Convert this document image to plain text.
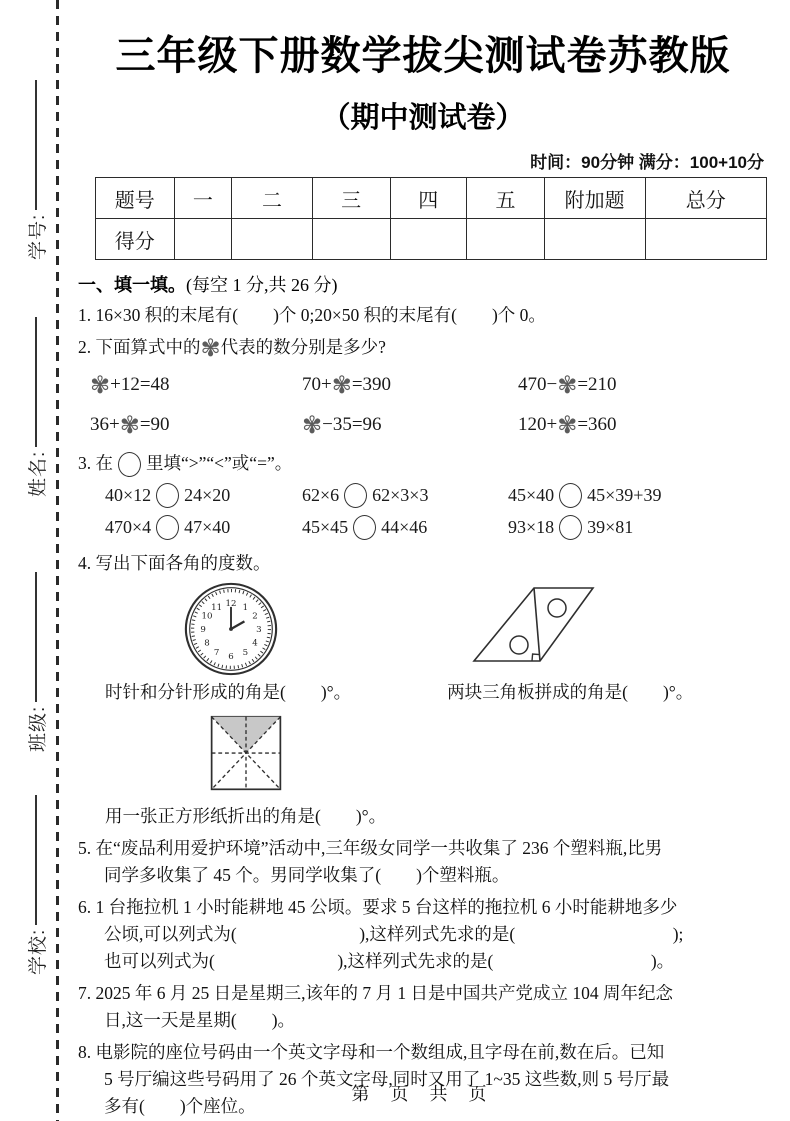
学号:
姓名:
班级:
学校:
三年级下册数学拔尖测试卷苏教版
（期中测试卷）
时间：90分钟 满分：100+10分
题号	一	二	三	四	五	附加题	总分
得分							
一、填一填。(每空 1 分,共 26 分)
1. 16×30 积的末尾有(　　)个 0;20×50 积的末尾有(　　)个 0。
2. 下面算式中的✾代表的数分别是多少?
✾+12=48	70+✾=390	470−✾=210
36+✾=90	✾−35=96	120+✾=360
3. 在 里填“>”“<”或“=”。
40×12 24×20	62×6 62×3×3	45×40 45×39+39
470×4 47×40	45×45 44×46	93×18 39×81
4. 写出下面各角的度数。
12 1
2
3
4
5
6
7
8
9
10
11
时针和分针形成的角是(　　)°。	两块三角板拼成的角是(　　)°。
用一张正方形纸折出的角是(　　)°。
5. 在“废品利用爱护环境”活动中,三年级女同学一共收集了 236 个塑料瓶,比男
同学多收集了 45 个。男同学收集了(　　)个塑料瓶。
6. 1 台拖拉机 1 小时能耕地 45 公顷。要求 5 台这样的拖拉机 6 小时能耕地多少
公顷,可以列式为(　　　　　　　),这样列式先求的是(　　　　　　　　　);
也可以列式为(　　　　　　　),这样列式先求的是(　　　　　　　　　)。
7. 2025 年 6 月 25 日是星期三,该年的 7 月 1 日是中国共产党成立 104 周年纪念
日,这一天是星期(　　)。
8. 电影院的座位号码由一个英文字母和一个数组成,且字母在前,数在后。已知
5 号厅编这些号码用了 26 个英文字母,同时又用了 1~35 这些数,则 5 号厅最
多有(　　)个座位。
第 页 共 页
